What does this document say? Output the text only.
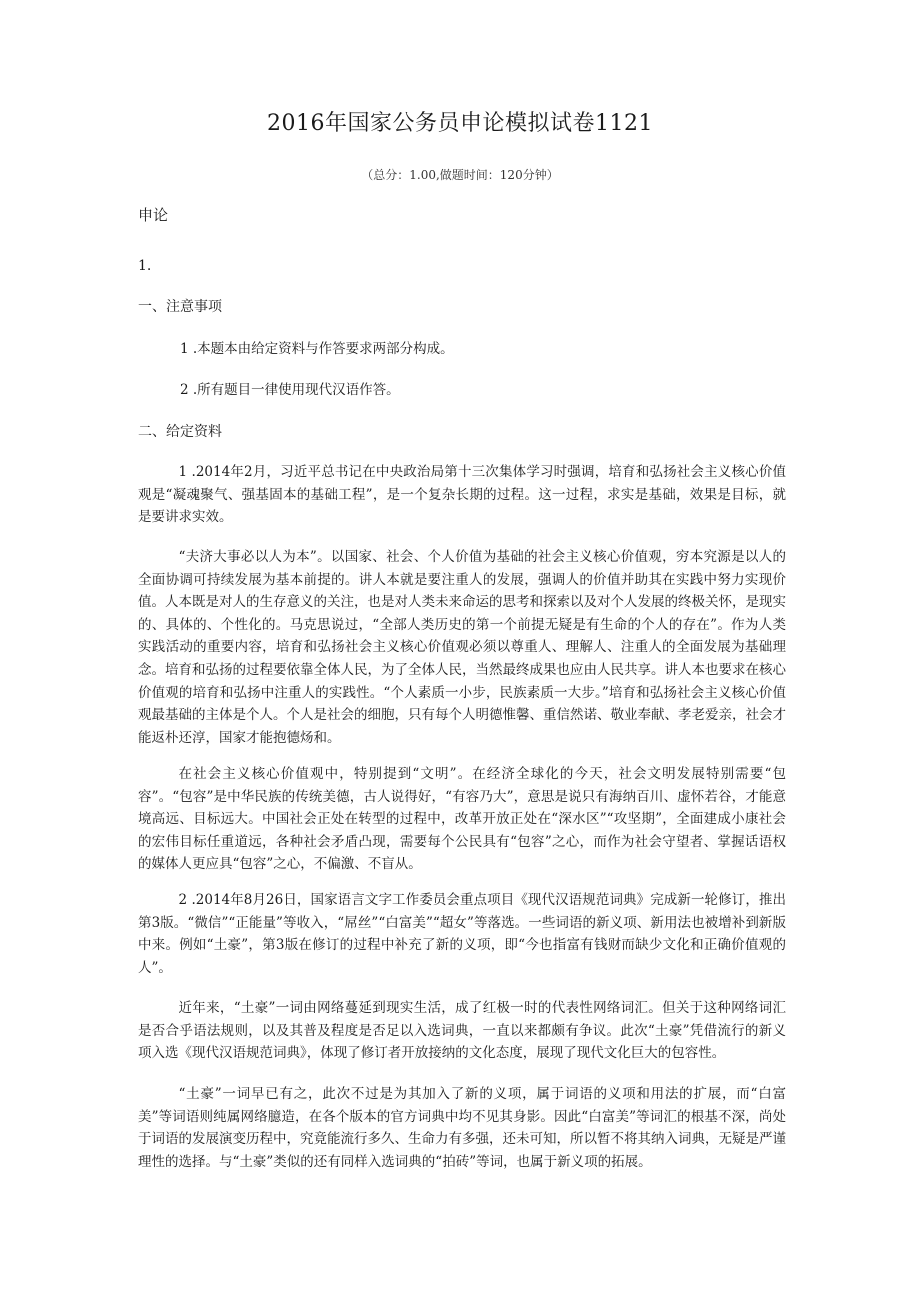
2016年国家公务员申论模拟试卷1121
（总分：1.00,做题时间：120分钟）
申论
1.
一、注意事项
1 .本题本由给定资料与作答要求两部分构成。
2 .所有题目一律使用现代汉语作答。
二、给定资料
1 .2014年2月，习近平总书记在中央政治局第十三次集体学习时强调，培育和弘扬社会主义核心价值观是“凝魂聚气、强基固本的基础工程”，是一个复杂长期的过程。这一过程，求实是基础，效果是目标，就是要讲求实效。
“夫济大事必以人为本”。以国家、社会、个人价值为基础的社会主义核心价值观，穷本究源是以人的全面协调可持续发展为基本前提的。讲人本就是要注重人的发展，强调人的价值并助其在实践中努力实现价值。人本既是对人的生存意义的关注，也是对人类未来命运的思考和探索以及对个人发展的终极关怀，是现实的、具体的、个性化的。马克思说过，“全部人类历史的第一个前提无疑是有生命的个人的存在”。作为人类实践活动的重要内容，培育和弘扬社会主义核心价值观必须以尊重人、理解人、注重人的全面发展为基础理念。培育和弘扬的过程要依靠全体人民，为了全体人民，当然最终成果也应由人民共享。讲人本也要求在核心价值观的培育和弘扬中注重人的实践性。“个人素质一小步，民族素质一大步。”培育和弘扬社会主义核心价值观最基础的主体是个人。个人是社会的细胞，只有每个人明德惟馨、重信然诺、敬业奉献、孝老爱亲，社会才能返朴还淳，国家才能抱德炀和。
在社会主义核心价值观中，特别提到“文明”。在经济全球化的今天，社会文明发展特别需要“包容”。“包容”是中华民族的传统美德，古人说得好，“有容乃大”，意思是说只有海纳百川、虚怀若谷，才能意境高远、目标远大。中国社会正处在转型的过程中，改革开放正处在“深水区”“攻坚期”，全面建成小康社会的宏伟目标任重道远，各种社会矛盾凸现，需要每个公民具有“包容”之心，而作为社会守望者、掌握话语权的媒体人更应具“包容”之心，不偏激、不盲从。
2 .2014年8月26日，国家语言文字工作委员会重点项目《现代汉语规范词典》完成新一轮修订，推出第3版。“微信”“正能量”等收入，“屌丝”“白富美”“超女”等落选。一些词语的新义项、新用法也被增补到新版中来。例如“土豪”，第3版在修订的过程中补充了新的义项，即“今也指富有钱财而缺少文化和正确价值观的人”。
近年来，“土豪”一词由网络蔓延到现实生活，成了红极一时的代表性网络词汇。但关于这种网络词汇是否合乎语法规则，以及其普及程度是否足以入选词典，一直以来都颇有争议。此次“土豪”凭借流行的新义项入选《现代汉语规范词典》，体现了修订者开放接纳的文化态度，展现了现代文化巨大的包容性。
“土豪”一词早已有之，此次不过是为其加入了新的义项，属于词语的义项和用法的扩展，而“白富美”等词语则纯属网络臆造，在各个版本的官方词典中均不见其身影。因此“白富美”等词汇的根基不深，尚处于词语的发展演变历程中，究竟能流行多久、生命力有多强，还未可知，所以暂不将其纳入词典，无疑是严谨理性的选择。与“土豪”类似的还有同样入选词典的“拍砖”等词，也属于新义项的拓展。
